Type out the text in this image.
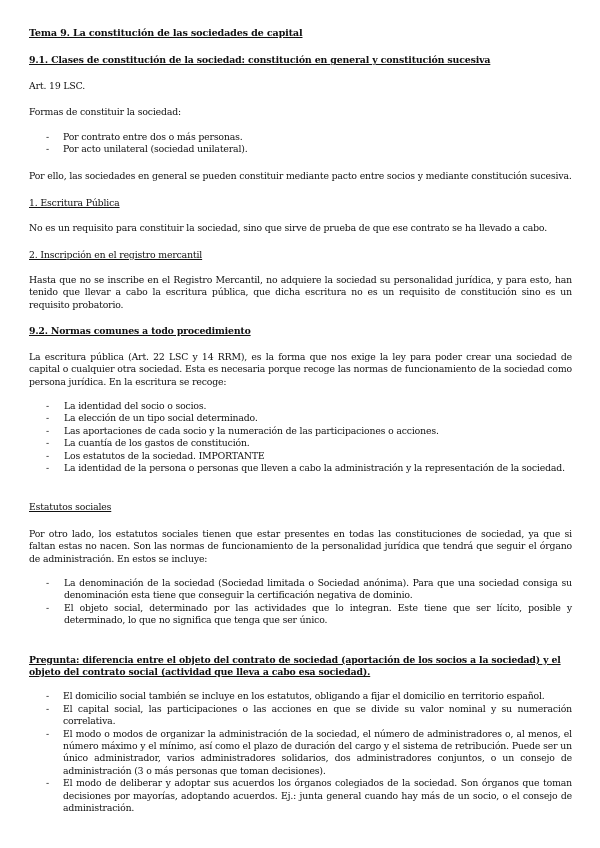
Tema 9. La constitución de las sociedades de capital

9.1. Clases de constitución de la sociedad: constitución en general y constitución sucesiva

Art. 19 LSC.

Formas de constituir la sociedad:

- Por contrato entre dos o más personas.
- Por acto unilateral (sociedad unilateral).

Por ello, las sociedades en general se pueden constituir mediante pacto entre socios y mediante constitución sucesiva.

1. Escritura Pública

No es un requisito para constituir la sociedad, sino que sirve de prueba de que ese contrato se ha llevado a cabo.

2. Inscripción en el registro mercantil

Hasta que no se inscribe en el Registro Mercantil, no adquiere la sociedad su personalidad jurídica, y para esto, han tenido que llevar a cabo la escritura pública, que dicha escritura no es un requisito de constitución sino es un requisito probatorio.

9.2. Normas comunes a todo procedimiento

La escritura pública (Art. 22 LSC y 14 RRM), es la forma que nos exige la ley para poder crear una sociedad de capital o cualquier otra sociedad. Esta es necesaria porque recoge las normas de funcionamiento de la sociedad como persona jurídica. En la escritura se recoge:

- La identidad del socio o socios.
- La elección de un tipo social determinado.
- Las aportaciones de cada socio y la numeración de las participaciones o acciones.
- La cuantía de los gastos de constitución.
- Los estatutos de la sociedad. IMPORTANTE
- La identidad de la persona o personas que lleven a cabo la administración y la representación de la sociedad.

Estatutos sociales

Por otro lado, los estatutos sociales tienen que estar presentes en todas las constituciones de sociedad, ya que si faltan estas no nacen. Son las normas de funcionamiento de la personalidad jurídica que tendrá que seguir el órgano de administración. En estos se incluye:

- La denominación de la sociedad (Sociedad limitada o Sociedad anónima). Para que una sociedad consiga su denominación esta tiene que conseguir la certificación negativa de dominio.
- El objeto social, determinado por las actividades que lo integran. Este tiene que ser lícito, posible y determinado, lo que no significa que tenga que ser único.

Pregunta: diferencia entre el objeto del contrato de sociedad (aportación de los socios a la sociedad) y el objeto del contrato social (actividad que lleva a cabo esa sociedad).

- El domicilio social también se incluye en los estatutos, obligando a fijar el domicilio en territorio español.
- El capital social, las participaciones o las acciones en que se divide su valor nominal y su numeración correlativa.
- El modo o modos de organizar la administración de la sociedad, el número de administradores o, al menos, el número máximo y el mínimo, así como el plazo de duración del cargo y el sistema de retribución. Puede ser un único administrador, varios administradores solidarios, dos administradores conjuntos, o un consejo de administración (3 o más personas que toman decisiones).
- El modo de deliberar y adoptar sus acuerdos los órganos colegiados de la sociedad. Son órganos que toman decisiones por mayorías, adoptando acuerdos. Ej.: junta general cuando hay más de un socio, o el consejo de administración.
